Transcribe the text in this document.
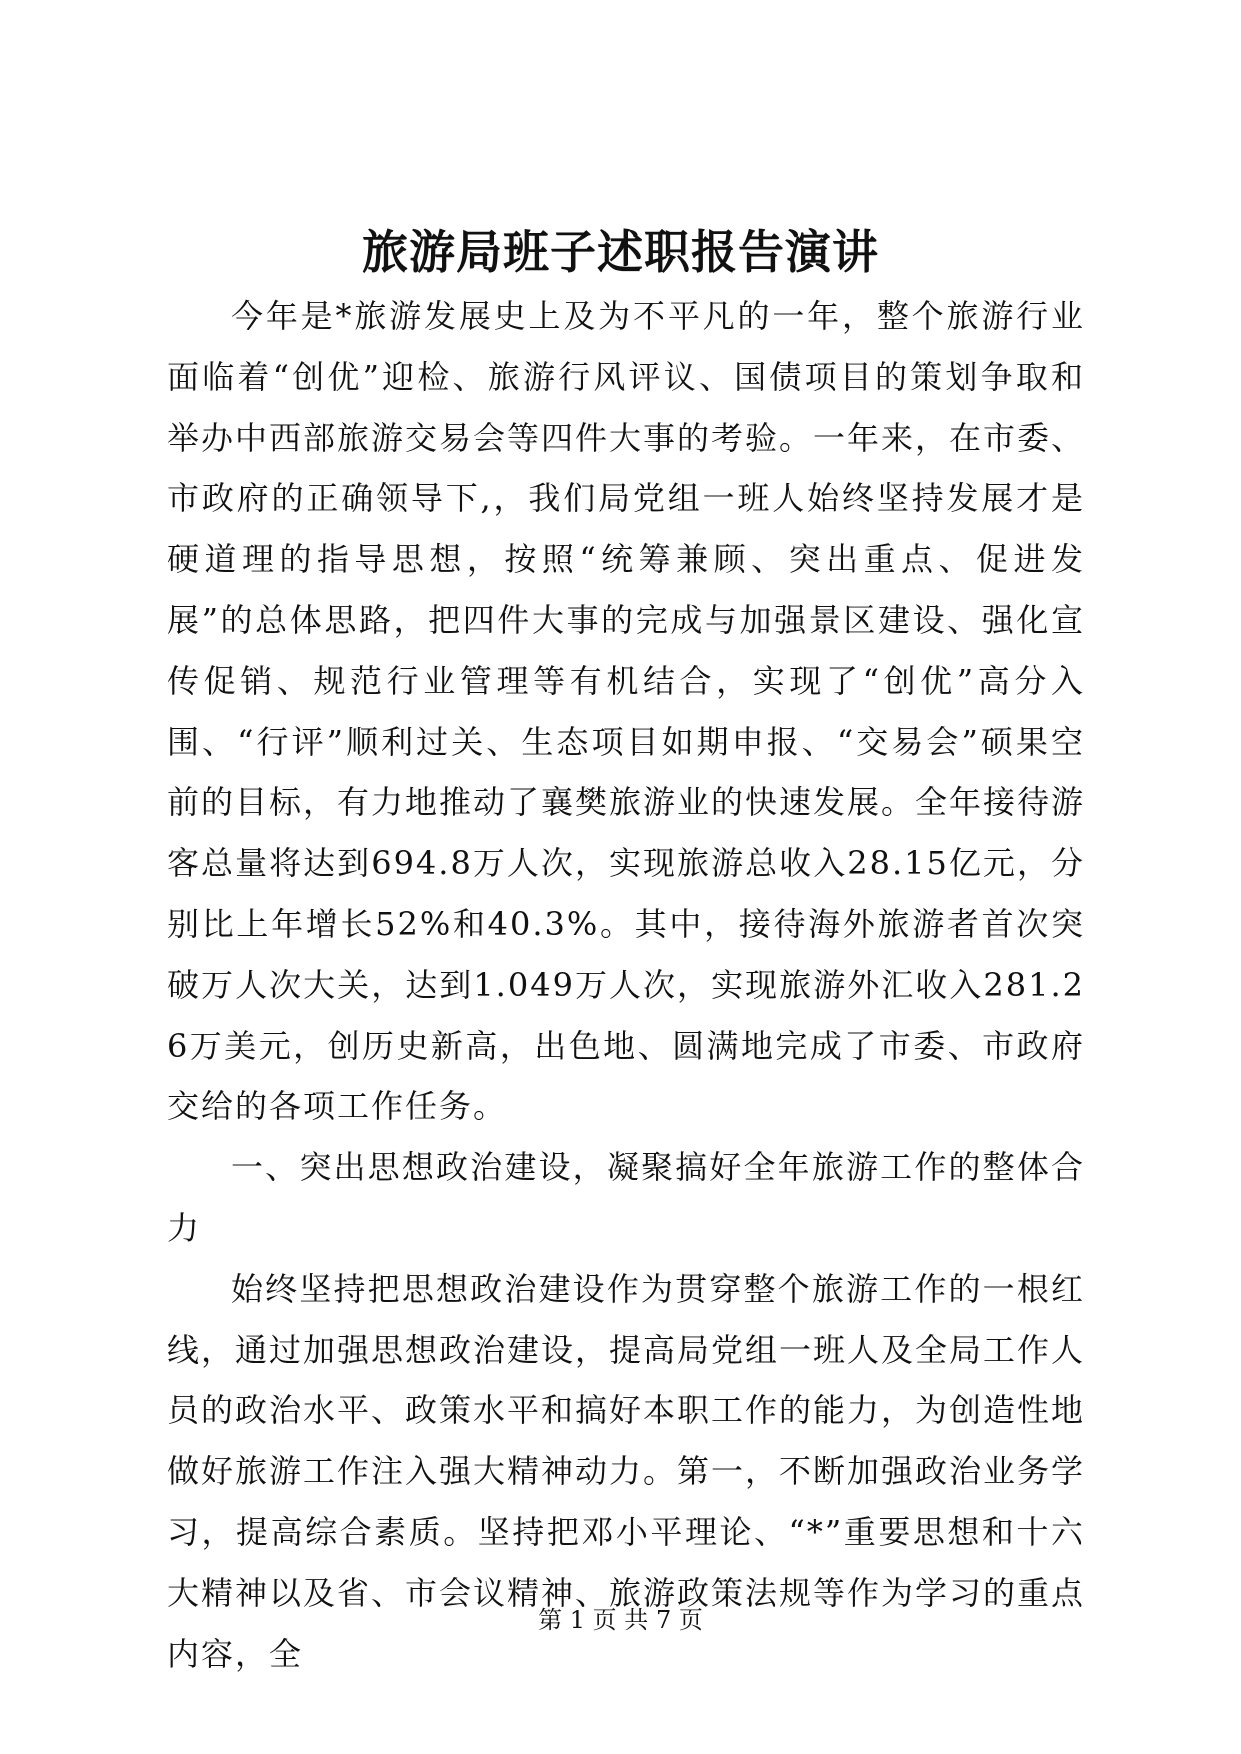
旅游局班子述职报告演讲

今年是*旅游发展史上及为不平凡的一年，整个旅游行业面临着“创优”迎检、旅游行风评议、国债项目的策划争取和举办中西部旅游交易会等四件大事的考验。一年来，在市委、市政府的正确领导下,，我们局党组一班人始终坚持发展才是硬道理的指导思想，按照“统筹兼顾、突出重点、促进发展”的总体思路，把四件大事的完成与加强景区建设、强化宣传促销、规范行业管理等有机结合，实现了“创优”高分入围、“行评”顺利过关、生态项目如期申报、“交易会”硕果空前的目标，有力地推动了襄樊旅游业的快速发展。全年接待游客总量将达到694.8万人次，实现旅游总收入28.15亿元，分别比上年增长52%和40.3%。其中，接待海外旅游者首次突破万人次大关，达到1.049万人次，实现旅游外汇收入281.26万美元，创历史新高，出色地、圆满地完成了市委、市政府交给的各项工作任务。

一、突出思想政治建设，凝聚搞好全年旅游工作的整体合力

始终坚持把思想政治建设作为贯穿整个旅游工作的一根红线，通过加强思想政治建设，提高局党组一班人及全局工作人员的政治水平、政策水平和搞好本职工作的能力，为创造性地做好旅游工作注入强大精神动力。第一，不断加强政治业务学习，提高综合素质。坚持把邓小平理论、“*”重要思想和十六大精神以及省、市会议精神、旅游政策法规等作为学习的重点内容，全

第 1 页 共 7 页
